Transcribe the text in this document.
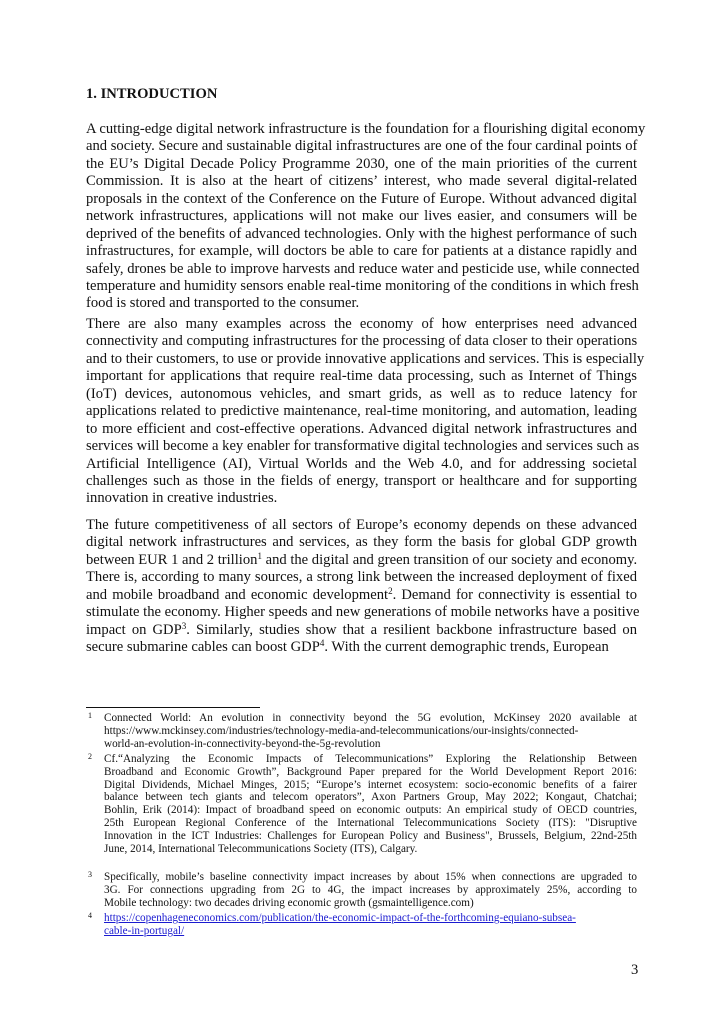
1. INTRODUCTION
A cutting-edge digital network infrastructure is the foundation for a flourishing digital economy
and society. Secure and sustainable digital infrastructures are one of the four cardinal points of
the EU’s Digital Decade Policy Programme 2030, one of the main priorities of the current
Commission. It is also at the heart of citizens’ interest, who made several digital-related
proposals in the context of the Conference on the Future of Europe. Without advanced digital
network infrastructures, applications will not make our lives easier, and consumers will be
deprived of the benefits of advanced technologies. Only with the highest performance of such
infrastructures, for example, will doctors be able to care for patients at a distance rapidly and
safely, drones be able to improve harvests and reduce water and pesticide use, while connected
temperature and humidity sensors enable real-time monitoring of the conditions in which fresh
food is stored and transported to the consumer.
There are also many examples across the economy of how enterprises need advanced
connectivity and computing infrastructures for the processing of data closer to their operations
and to their customers, to use or provide innovative applications and services. This is especially
important for applications that require real-time data processing, such as Internet of Things
(IoT) devices, autonomous vehicles, and smart grids, as well as to reduce latency for
applications related to predictive maintenance, real-time monitoring, and automation, leading
to more efficient and cost-effective operations. Advanced digital network infrastructures and
services will become a key enabler for transformative digital technologies and services such as
Artificial Intelligence (AI), Virtual Worlds and the Web 4.0, and for addressing societal
challenges such as those in the fields of energy, transport or healthcare and for supporting
innovation in creative industries.
The future competitiveness of all sectors of Europe’s economy depends on these advanced
digital network infrastructures and services, as they form the basis for global GDP growth
between EUR 1 and 2 trillion$^1$ and the digital and green transition of our society and economy.
There is, according to many sources, a strong link between the increased deployment of fixed
and mobile broadband and economic development$^2$. Demand for connectivity is essential to
stimulate the economy. Higher speeds and new generations of mobile networks have a positive
impact on GDP$^3$. Similarly, studies show that a resilient backbone infrastructure based on
secure submarine cables can boost GDP$^4$. With the current demographic trends, European
1 Connected World: An evolution in connectivity beyond the 5G evolution, McKinsey 2020 available at
https://www.mckinsey.com/industries/technology-media-and-telecommunications/our-insights/connected-
world-an-evolution-in-connectivity-beyond-the-5g-revolution
2 Cf.“Analyzing the Economic Impacts of Telecommunications” Exploring the Relationship Between
Broadband and Economic Growth”, Background Paper prepared for the World Development Report 2016:
Digital Dividends, Michael Minges, 2015; “Europe’s internet ecosystem: socio-economic benefits of a fairer
balance between tech giants and telecom operators”, Axon Partners Group, May 2022; Kongaut, Chatchai;
Bohlin, Erik (2014): Impact of broadband speed on economic outputs: An empirical study of OECD countries,
25th European Regional Conference of the International Telecommunications Society (ITS): "Disruptive
Innovation in the ICT Industries: Challenges for European Policy and Business", Brussels, Belgium, 22nd-25th
June, 2014, International Telecommunications Society (ITS), Calgary.
3 Specifically, mobile’s baseline connectivity impact increases by about 15% when connections are upgraded to
3G. For connections upgrading from 2G to 4G, the impact increases by approximately 25%, according to
Mobile technology: two decades driving economic growth (gsmaintelligence.com)
4 https://copenhageneconomics.com/publication/the-economic-impact-of-the-forthcoming-equiano-subsea-
cable-in-portugal/
3
